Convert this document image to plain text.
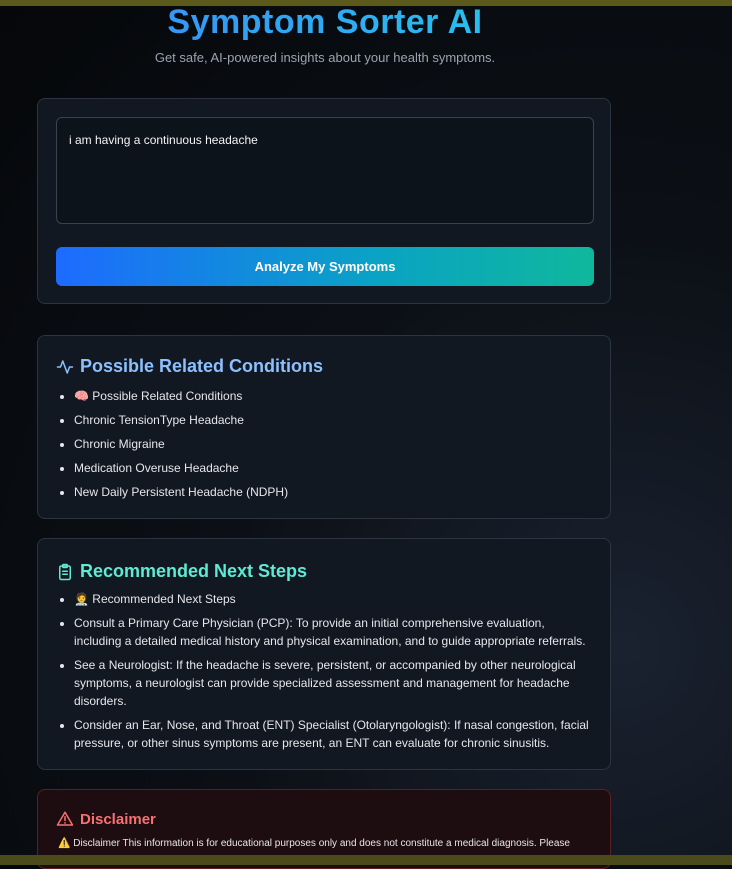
Symptom Sorter AI
Get safe, AI-powered insights about your health symptoms.
i am having a continuous headache
Analyze My Symptoms
Possible Related Conditions
• 🧠 Possible Related Conditions
• Chronic TensionType Headache
• Chronic Migraine
• Medication Overuse Headache
• New Daily Persistent Headache (NDPH)
Recommended Next Steps
• 🧑‍⚕️ Recommended Next Steps
• Consult a Primary Care Physician (PCP): To provide an initial comprehensive evaluation, including a detailed medical history and physical examination, and to guide appropriate referrals.
• See a Neurologist: If the headache is severe, persistent, or accompanied by other neurological symptoms, a neurologist can provide specialized assessment and management for headache disorders.
• Consider an Ear, Nose, and Throat (ENT) Specialist (Otolaryngologist): If nasal congestion, facial pressure, or other sinus symptoms are present, an ENT can evaluate for chronic sinusitis.
Disclaimer
⚠️ Disclaimer This information is for educational purposes only and does not constitute a medical diagnosis. Please
